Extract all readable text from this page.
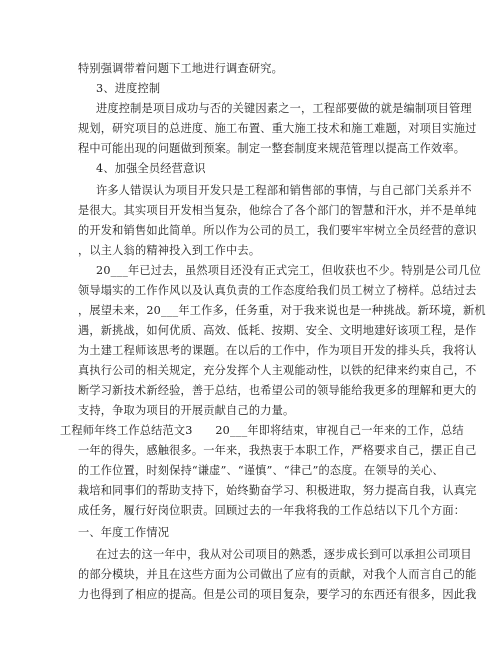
特别强调带着问题下工地进行调查研究。
3、进度控制
进度控制是项目成功与否的关键因素之一，工程部要做的就是编制项目管理
规划，研究项目的总进度、施工布置、重大施工技术和施工难题，对项目实施过
程中可能出现的问题做到预案。制定一整套制度来规范管理以提高工作效率。
4、加强全员经营意识
许多人错误认为项目开发只是工程部和销售部的事情，与自己部门关系并不
是很大。其实项目开发相当复杂，他综合了各个部门的智慧和汗水，并不是单纯
的开发和销售如此简单。所以作为公司的员工，我们要牢牢树立全员经营的意识
，以主人翁的精神投入到工作中去。
20___年已过去，虽然项目还没有正式完工，但收获也不少。特别是公司几位
领导塌实的工作作风以及认真负责的工作态度给我们员工树立了榜样。总结过去
，展望未来，20___年工作多，任务重，对于我来说也是一种挑战。新环境，新机
遇，新挑战，如何优质、高效、低耗、按期、安全、文明地建好该项工程，是作
为土建工程师该思考的课题。在以后的工作中，作为项目开发的排头兵，我将认
真执行公司的相关规定，充分发挥个人主观能动性，以铁的纪律来约束自己，不
断学习新技术新经验，善于总结，也希望公司的领导能给我更多的理解和更大的
支持，争取为项目的开展贡献自己的力量。
工程师年终工作总结范文3　　20___年即将结束，审视自己一年来的工作，总结
一年的得失，感触很多。一年来，我热衷于本职工作，严格要求自己，摆正自己
的工作位置，时刻保持“谦虚”、“谨慎”、“律己”的态度。在领导的关心、
栽培和同事们的帮助支持下，始终勤奋学习、积极进取，努力提高自我，认真完
成任务，履行好岗位职责。回顾过去的一年我将我的工作总结以下几个方面：
一、年度工作情况
在过去的这一年中，我从对公司项目的熟悉，逐步成长到可以承担公司项目
的部分模块，并且在这些方面为公司做出了应有的贡献，对我个人而言自己的能
力也得到了相应的提高。但是公司的项目复杂，要学习的东西还有很多，因此我
